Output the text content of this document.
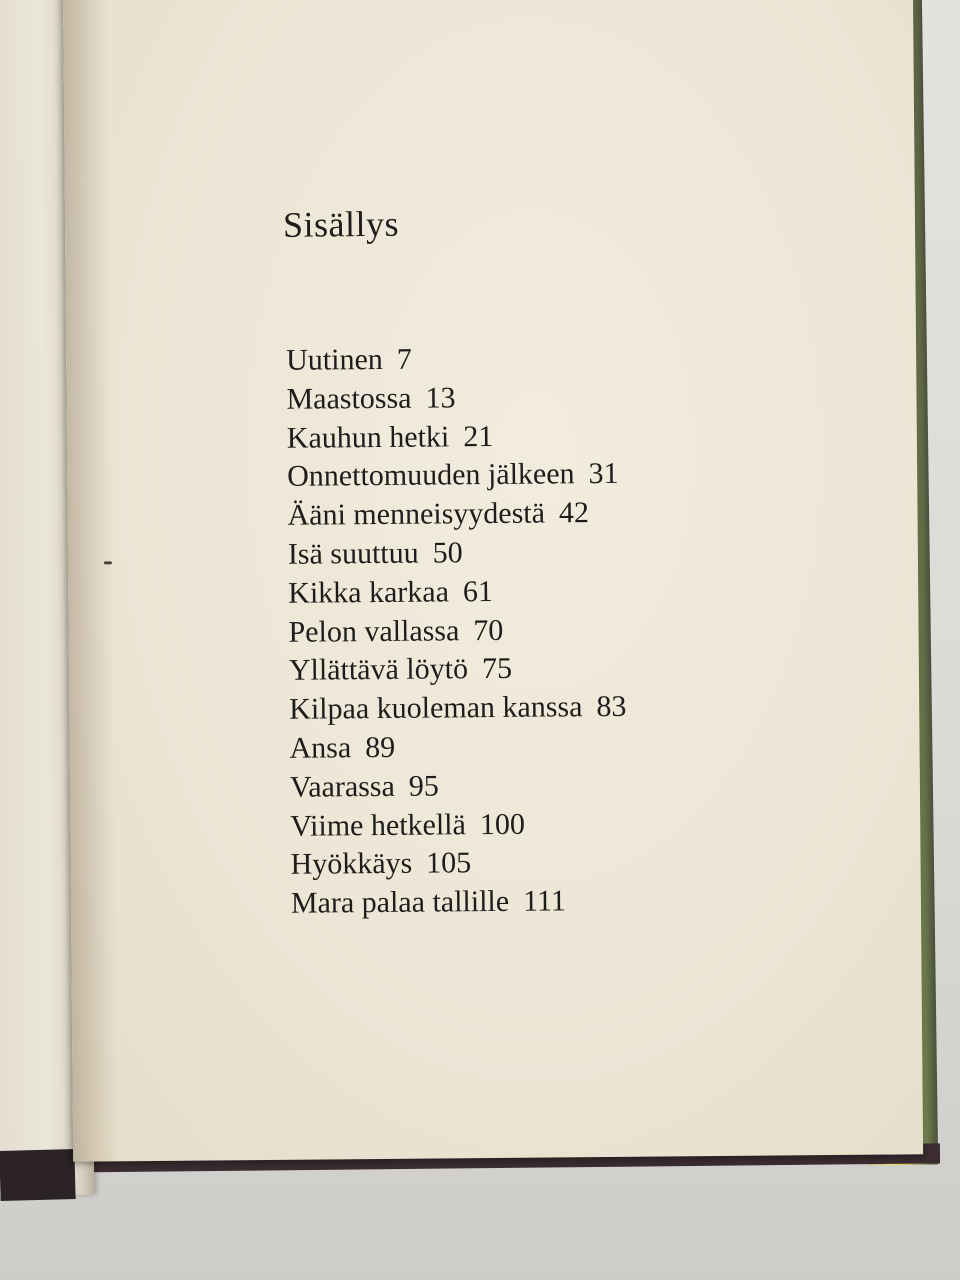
Sisällys
Uutinen 7
Maastossa 13
Kauhun hetki 21
Onnettomuuden jälkeen 31
Ääni menneisyydestä 42
Isä suuttuu 50
Kikka karkaa 61
Pelon vallassa 70
Yllättävä löytö 75
Kilpaa kuoleman kanssa 83
Ansa 89
Vaarassa 95
Viime hetkellä 100
Hyökkäys 105
Mara palaa tallille 111
